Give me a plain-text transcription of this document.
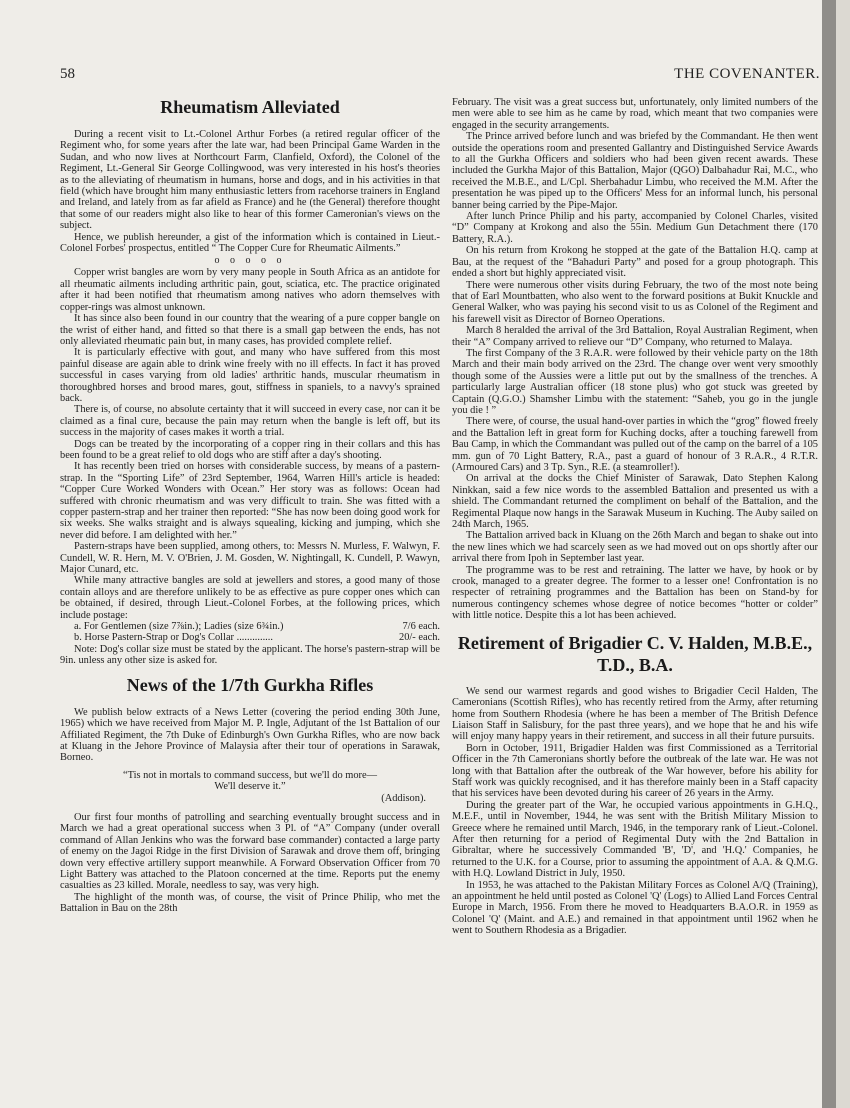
58	THE COVENANTER.
Rheumatism Alleviated

During a recent visit to Lt.-Colonel Arthur Forbes (a retired regular officer of the Regiment who, for some years after the late war, had been Principal Game Warden in the Sudan, and who now lives at Northcourt Farm, Clanfield, Oxford), the Colonel of the Regiment, Lt.-General Sir George Collingwood, was very interested in his host's theories as to the alleviating of rheumatism in humans, horse and dogs, and in his activities in that field (which have brought him many enthusiastic letters from racehorse trainers in England and Ireland, and lately from as far afield as France) and he (the General) therefore thought that some of our readers might also like to hear of this former Cameronian's views on the subject.

Hence, we publish hereunder, a gist of the information which is contained in Lieut.-Colonel Forbes' prospectus, entitled “ The Copper Cure for Rheumatic Ailments.”

o o o o o

Copper wrist bangles are worn by very many people in South Africa as an antidote for all rheumatic ailments including arthritic pain, gout, sciatica, etc. The practice originated after it had been notified that rheumatism among natives who adorn themselves with copper-rings was almost unknown.

It has since also been found in our country that the wearing of a pure copper bangle on the wrist of either hand, and fitted so that there is a small gap between the ends, has not only alleviated rheumatic pain but, in many cases, has provided complete relief.

It is particularly effective with gout, and many who have suffered from this most painful disease are again able to drink wine freely with no ill effects. In fact it has proved successful in cases varying from old ladies' arthritic hands, muscular rheumatism in thoroughbred horses and brood mares, gout, stiffness in spaniels, to a navvy's sprained back.

There is, of course, no absolute certainty that it will succeed in every case, nor can it be claimed as a final cure, because the pain may return when the bangle is left off, but its success in the majority of cases makes it worth a trial.

Dogs can be treated by the incorporating of a copper ring in their collars and this has been found to be a great relief to old dogs who are stiff after a day's shooting.

It has recently been tried on horses with considerable success, by means of a pastern-strap. In the “Sporting Life” of 23rd September, 1964, Warren Hill's article is headed: “Copper Cure Worked Wonders with Ocean.” Her story was as follows: Ocean had suffered with chronic rheumatism and was very difficult to train. She was fitted with a copper pastern-strap and her trainer then reported: “She has now been doing good work for six weeks. She walks straight and is always squealing, kicking and jumping, which she never did before. I am delighted with her.”

Pastern-straps have been supplied, among others, to: Messrs N. Murless, F. Walwyn, F. Cundell, W. R. Hern, M. V. O'Brien, J. M. Gosden, W. Nightingall, K. Cundell, P. Wawyn, Major Cunard, etc.

While many attractive bangles are sold at jewellers and stores, a good many of those contain alloys and are therefore unlikely to be as effective as pure copper ones which can be obtained, if desired, through Lieut.-Colonel Forbes, at the following prices, which include postage:

a. For Gentlemen (size 7⅞in.); Ladies (size 6¾in.)	7/6 each.
b. Horse Pastern-Strap or Dog's Collar ..............	20/- each.

Note: Dog's collar size must be stated by the applicant. The horse's pastern-strap will be 9in. unless any other size is asked for.

News of the 1/7th Gurkha Rifles

We publish below extracts of a News Letter (covering the period ending 30th June, 1965) which we have received from Major M. P. Ingle, Adjutant of the 1st Battalion of our Affiliated Regiment, the 7th Duke of Edinburgh's Own Gurkha Rifles, who are now back at Kluang in the Jehore Province of Malaysia after their tour of operations in Sarawak, Borneo.

“Tis not in mortals to command success, but we'll do more—
We'll deserve it.”
(Addison).

Our first four months of patrolling and searching eventually brought success and in March we had a great operational success when 3 Pl. of “A” Company (under overall command of Allan Jenkins who was the forward base commander) contacted a large party of enemy on the Jagoi Ridge in the first Division of Sarawak and drove them off, bringing down very effective artillery support meanwhile. A Forward Observation Officer from 70 Light Battery was attached to the Platoon concerned at the time. Reports put the enemy casualties as 23 killed. Morale, needless to say, was very high.

The highlight of the month was, of course, the visit of Prince Philip, who met the Battalion in Bau on the 28th

February. The visit was a great success but, unfortunately, only limited numbers of the men were able to see him as he came by road, which meant that two companies were engaged in the security arrangements.

The Prince arrived before lunch and was briefed by the Commandant. He then went outside the operations room and presented Gallantry and Distinguished Service Awards to all the Gurkha Officers and soldiers who had been given recent awards. These included the Gurkha Major of this Battalion, Major (QGO) Dalbahadur Rai, M.C., who received the M.B.E., and L/Cpl. Sherbahadur Limbu, who received the M.M. After the presentation he was piped up to the Officers' Mess for an informal lunch, his personal banner being carried by the Pipe-Major.

After lunch Prince Philip and his party, accompanied by Colonel Charles, visited “D” Company at Krokong and also the 55in. Medium Gun Detachment there (170 Battery, R.A.).

On his return from Krokong he stopped at the gate of the Battalion H.Q. camp at Bau, at the request of the “Bahaduri Party” and posed for a group photograph. This ended a short but highly appreciated visit.

There were numerous other visits during February, the two of the most note being that of Earl Mountbatten, who also went to the forward positions at Bukit Knuckle and General Walker, who was paying his second visit to us as Colonel of the Regiment and his farewell visit as Director of Borneo Operations.

March 8 heralded the arrival of the 3rd Battalion, Royal Australian Regiment, when their “A” Company arrived to relieve our “D” Company, who returned to Malaya.

The first Company of the 3 R.A.R. were followed by their vehicle party on the 18th March and their main body arrived on the 23rd. The change over went very smoothly though some of the Aussies were a little put out by the smallness of the trenches. A particularly large Australian officer (18 stone plus) who got stuck was greeted by Captain (Q.G.O.) Shamsher Limbu with the statement: “Saheb, you go in the jungle you die ! ”

There were, of course, the usual hand-over parties in which the “grog” flowed freely and the Battalion left in great form for Kuching docks, after a touching farewell from Bau Camp, in which the Commandant was pulled out of the camp on the barrel of a 105 mm. gun of 70 Light Battery, R.A., past a guard of honour of 3 R.A.R., 4 R.T.R. (Armoured Cars) and 3 Tp. Syn., R.E. (a steamroller!).

On arrival at the docks the Chief Minister of Sarawak, Dato Stephen Kalong Ninkkan, said a few nice words to the assembled Battalion and presented us with a shield. The Commandant returned the compliment on behalf of the Battalion, and the Regimental Plaque now hangs in the Sarawak Museum in Kuching. The Auby sailed on 24th March, 1965.

The Battalion arrived back in Kluang on the 26th March and began to shake out into the new lines which we had scarcely seen as we had moved out on ops shortly after our arrival there from Ipoh in September last year.

The programme was to be rest and retraining. The latter we have, by hook or by crook, managed to a greater degree. The former to a lesser one! Confrontation is no respecter of retraining programmes and the Battalion has been on Stand-by for numerous contingency schemes whose degree of notice becomes “hotter or colder” with little notice. Despite this a lot has been achieved.

Retirement of Brigadier C. V. Halden, M.B.E., T.D., B.A.

We send our warmest regards and good wishes to Brigadier Cecil Halden, The Cameronians (Scottish Rifles), who has recently retired from the Army, after returning home from Southern Rhodesia (where he has been a member of The British Defence Liaison Staff in Salisbury, for the past three years), and we hope that he and his wife will enjoy many happy years in their retirement, and success in all their future pursuits.

Born in October, 1911, Brigadier Halden was first Commissioned as a Territorial Officer in the 7th Cameronians shortly before the outbreak of the late war. He was not long with that Battalion after the outbreak of the War however, before his ability for Staff work was quickly recognised, and it has therefore mainly been in a Staff capacity that his services have been devoted during his career of 26 years in the Army.

During the greater part of the War, he occupied various appointments in G.H.Q., M.E.F., until in November, 1944, he was sent with the British Military Mission to Greece where he remained until March, 1946, in the temporary rank of Lieut.-Colonel. After then returning for a period of Regimental Duty with the 2nd Battalion in Gibraltar, where he successively Commanded 'B', 'D', and 'H.Q.' Companies, he returned to the U.K. for a Course, prior to assuming the appointment of A.A. & Q.M.G. with H.Q. Lowland District in July, 1950.

In 1953, he was attached to the Pakistan Military Forces as Colonel A/Q (Training), an appointment he held until posted as Colonel 'Q' (Logs) to Allied Land Forces Central Europe in March, 1956. From there he moved to Headquarters B.A.O.R. in 1959 as Colonel 'Q' (Maint. and A.E.) and remained in that appointment until 1962 when he went to Southern Rhodesia as a Brigadier.
